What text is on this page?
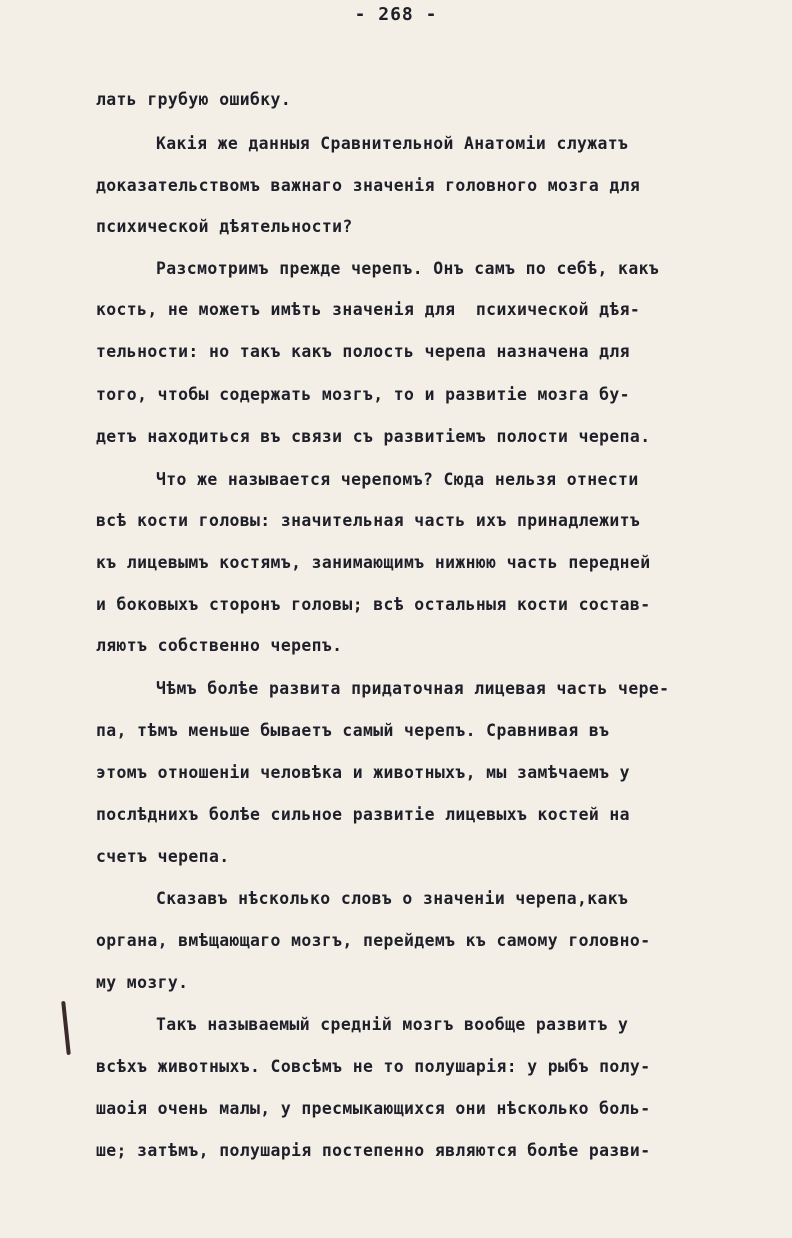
- 268 -
лать грубую ошибку.
Какія же данныя Сравнительной Анатоміи служатъ
доказательствомъ важнаго значенія головного мозга для
психической дѣятельности?
Разсмотримъ прежде черепъ. Онъ самъ по себѣ, какъ
кость, не можетъ имѣть значенія для  психической дѣя-
тельности: но такъ какъ полость черепа назначена для
того, чтобы содержать мозгъ, то и развитіе мозга бу-
детъ находиться въ связи съ развитіемъ полости черепа.
Что же называется черепомъ? Сюда нельзя отнести
всѣ кости головы: значительная часть ихъ принадлежитъ
къ лицевымъ костямъ, занимающимъ нижнюю часть передней
и боковыхъ сторонъ головы; всѣ остальныя кости состав-
ляютъ собственно черепъ.
Чѣмъ болѣе развита придаточная лицевая часть чере-
па, тѣмъ меньше бываетъ самый черепъ. Сравнивая въ
этомъ отношеніи человѣка и животныхъ, мы замѣчаемъ у
послѣднихъ болѣе сильное развитіе лицевыхъ костей на
счетъ черепа.
Сказавъ нѣсколько словъ о значеніи черепа,какъ
органа, вмѣщающаго мозгъ, перейдемъ къ самому головно-
му мозгу.
Такъ называемый среднiй мозгъ вообще развитъ у
всѣхъ животныхъ. Совсѣмъ не то полушарія: у рыбъ полу-
шаоія очень малы, у пресмыкающихся они нѣсколько боль-
ше; затѣмъ, полушарія постепенно являются болѣе разви-
